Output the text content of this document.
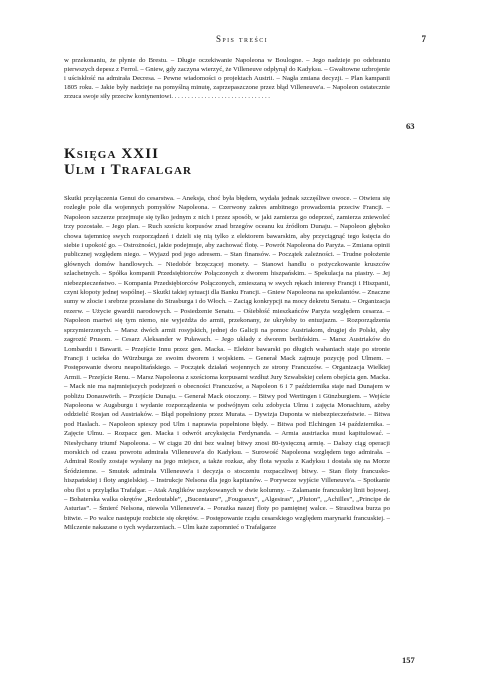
Spis treści	7
w przekonaniu, że płynie do Brestu. – Długie oczekiwanie Napoleona w Boulogne. – Jego nadzieje po odebraniu pierwszych depesz z Ferrol. – Gniew, gdy zaczyna wierzyć, że Villeneuve odpłynął do Kadyksu. – Gwałtowne uzbrojenie i uściskłość na admirała Decresa. – Pewne wiadomości o projektach Austrii. – Nagła zmiana decyzji. – Plan kampanii 1805 roku. – Jakie były nadzieje na pomyślną minutę, zaprzepaszczone przez błąd Villeneuve'a. – Napoleon ostatecznie zrzuca swoje siły przeciw kontynentowi. . . . . . . . . . . . . . . . . . . . . . . . . . . . . .
63
Księga XXII
Ulm i Trafalgar
Skutki przyłączenia Genui do cesarstwa. – Aneksja, choć była błędem, wydała jednak szczęśliwe owoce. – Otwiera się rozległe pole dla wojennych pomysłów Napoleona. – Czerwony zakres ambitnego prowadzenia przeciw Francji. – Napoleon szczerze przejmuje się tylko jednym z nich i przez sposób, w jaki zamierza go odeprzeć, zamierza zniewoleć trzy pozostałe. – Jego plan. – Ruch sześciu korpusów znad brzegów oceanu ku źródłom Dunaju. – Napoleon głęboko chowa tajemnicę swych rozporządzeń i dzieli się nią tylko z elektorem bawarskim, aby przyciągnąć tego księcia do siebie i upokoić go. – Ostrożności, jakie podejmuje, aby zachować flotę. – Powrót Napoleona do Paryża. – Zmiana opinii publicznej względem niego. – Wyjazd pod jego adresem. – Stan finansów. – Początek zależności. – Trudne położenie głównych domów handlowych. – Niedobór brzęczącej monety. – Stanowi handlu o pożyczkowanie kruszców szlachetnych. – Spółka kompanii Przedsiębiorców Połączonych z dworem hiszpańskim. – Spekulacja na piastry. – Jej niebezpieczeństwo. – Kompania Przedsiębiorców Połączonych, zmieszaną w swych rękach interesy Francji i Hiszpanii, czyni kłopoty jednej wspólnej. – Skutki takiej sytuacji dla Banku Francji. – Gniew Napoleona na spekulantów. – Znaczne sumy w złocie i srebrze przesłane do Strasburga i do Włoch. – Zaciąg konkrypcji na mocy dekretu Senatu. – Organizacja rezerw. – Użycie gwardii narodowych. – Posiedzenie Senatu. – Ośiebłość mieszkańców Paryża względem cesarza. – Napoleon martwi się tym niemo, nie wyjeżdża do armii, przekonany, że ukryłoby to entuzjazm. – Rozporządzenia sprzymierzonych. – Marsz dwóch armii rosyjskich, jednej do Galicji na pomoc Austriakom, drugiej do Polski, aby zagrozić Prusom. – Cesarz Aleksander w Puławach. – Jego układy z dworem berlińskim. – Marsz Austriaków do Lombardii i Bawarii. – Przejście Innu przez gen. Macka. – Elektor bawarski po długich wahaniach staje po stronie Francji i ucieka do Würzburga ze swoim dworem i wojskiem. – Generał Mack zajmuje pozycję pod Ulmem. – Postępowanie dworu neapolitańskiego. – Początek działań wojennych ze strony Francuzów. – Organizacja Wielkiej Armii. – Przejście Renu. – Marsz Napoleona z sześcioma korpusami wzdłuż Jury Szwabskiej celem obejścia gen. Macka. – Mack nie ma najmniejszych podejrzeń o obecności Francuzów, a Napoleon 6 i 7 października staje nad Dunajem w pobliżu Donauwörth. – Przejście Dunaju. – Generał Mack otoczony. – Bitwy pod Wertingen i Günzburgiem. – Wejście Napoleona w Augsburgu i wydanie rozporządzenia w podwójnym celu zdobycia Ulmu i zajęcia Monachium, ażeby oddzielić Rosjan od Austriaków. – Błąd popełniony przez Murata. – Dywizja Duponta w niebezpieczeństwie. – Bitwa pod Haslach. – Napoleon spieszy pod Ulm i naprawia popełnione błędy. – Bitwa pod Elchingen 14 października. – Zajęcie Ulmu. – Rozpacz gen. Macka i odwrót arcyksięcia Ferdynanda. – Armia austriacka musi kapitulować. – Niesłychany triumf Napoleona. – W ciągu 20 dni bez walnej bitwy znosi 80-tysięczną armię. – Dalszy ciąg operacji morskich od czasu powrotu admirała Villeneuve'a do Kadyksu. – Surowość Napoleona względem tego admirała. – Admirał Rosily zostaje wysłany na jego miejsce, a także rozkaz, aby flota wyszła z Kadyksu i dostała się na Morze Śródziemne. – Smutek admirała Villeneuve'a i decyzja o stoczeniu rozpaczliwej bitwy. – Stan floty francusko-hiszpańskiej i floty angielskiej. – Instrukcje Nelsona dla jego kapitanów. – Porywcze wyjście Villeneuve'a. – Spotkanie obu flot u przylądka Trafalgar. – Atak Anglików uszykowanych w dwie kolumny. – Zalamanie francuskiej linii bojowej. – Bohaterska walka okrętów „Redoutable”, „Bucentaure”, „Fougueux”, „Algesiras”, „Pluton”, „Achilles”, „Principe de Asturias”. – Śmierć Nelsona, niewola Villeneuve'a. – Porażka naszej floty po pamiętnej walce. – Straszliwa burza po bitwie. – Po walce następuje rozbicie się okrętów. – Postępowanie rządu cesarskiego względem marynarki francuskiej. – Milczenie nakazane o tych wydarzeniach. – Ulm każe zapomnieć o Trafalgarze
157
